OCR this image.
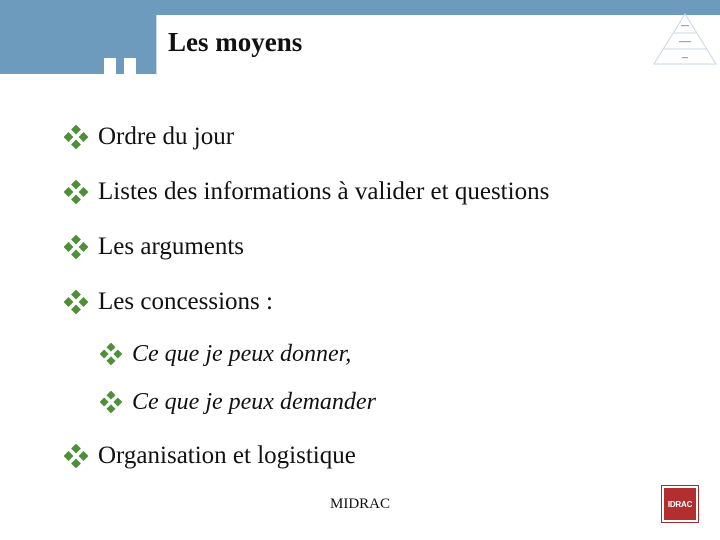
Les moyens
Ordre du jour
Listes des informations à valider et questions
Les arguments
Les concessions :
Ce que je peux donner,
Ce que je peux demander
Organisation et logistique
MIDRAC	IDRAC
